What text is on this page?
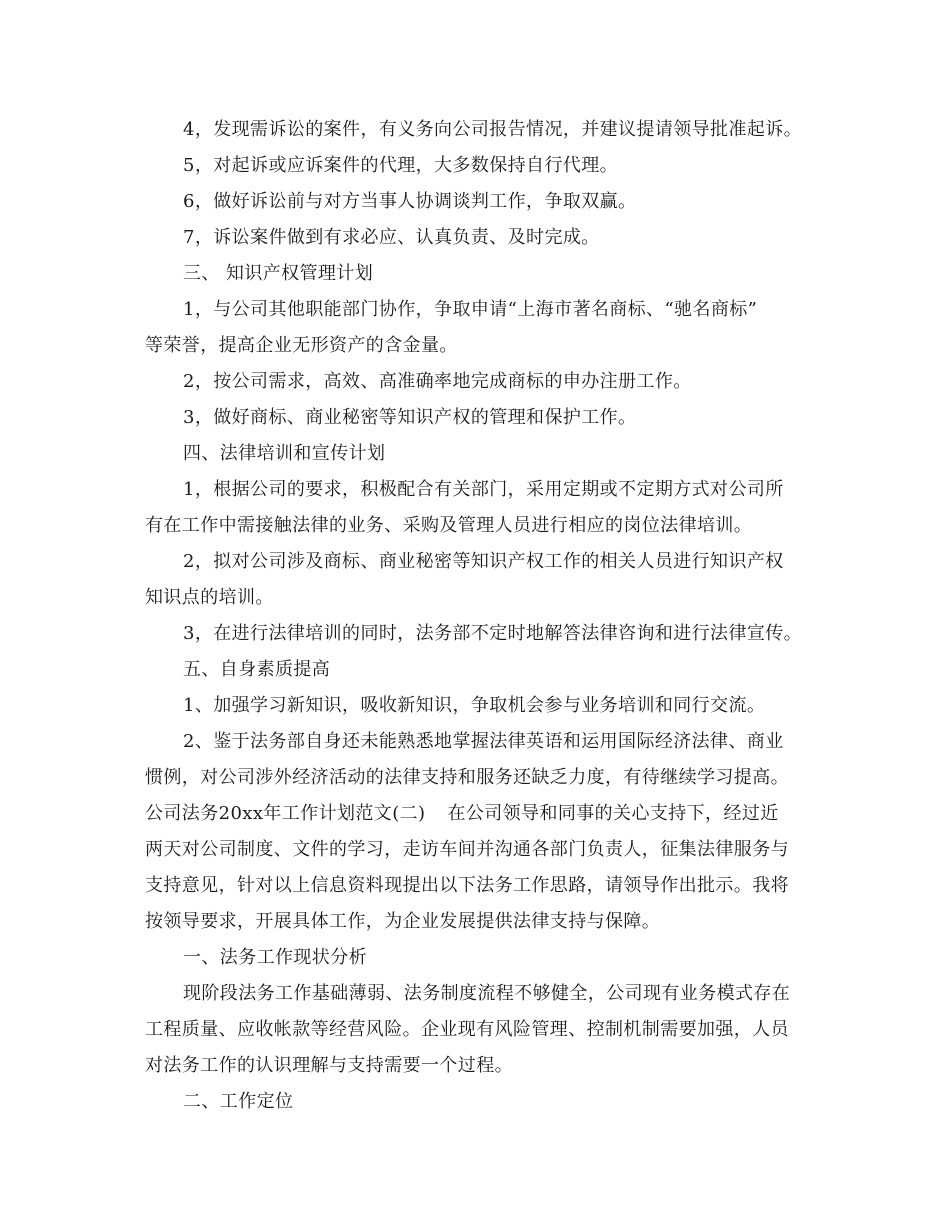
4，发现需诉讼的案件，有义务向公司报告情况，并建议提请领导批准起诉。
5，对起诉或应诉案件的代理，大多数保持自行代理。
6，做好诉讼前与对方当事人协调谈判工作，争取双赢。
7，诉讼案件做到有求必应、认真负责、及时完成。
三、 知识产权管理计划
1，与公司其他职能部门协作，争取申请“上海市著名商标、“驰名商标”
等荣誉，提高企业无形资产的含金量。
2，按公司需求，高效、高准确率地完成商标的申办注册工作。
3，做好商标、商业秘密等知识产权的管理和保护工作。
四、法律培训和宣传计划
1，根据公司的要求，积极配合有关部门，采用定期或不定期方式对公司所
有在工作中需接触法律的业务、采购及管理人员进行相应的岗位法律培训。
2，拟对公司涉及商标、商业秘密等知识产权工作的相关人员进行知识产权
知识点的培训。
3，在进行法律培训的同时，法务部不定时地解答法律咨询和进行法律宣传。
五、自身素质提高
1、加强学习新知识，吸收新知识，争取机会参与业务培训和同行交流。
2、鉴于法务部自身还未能熟悉地掌握法律英语和运用国际经济法律、商业
惯例，对公司涉外经济活动的法律支持和服务还缺乏力度，有待继续学习提高。
公司法务20xx年工作计划范文(二) 在公司领导和同事的关心支持下，经过近
两天对公司制度、文件的学习，走访车间并沟通各部门负责人，征集法律服务与
支持意见，针对以上信息资料现提出以下法务工作思路，请领导作出批示。我将
按领导要求，开展具体工作，为企业发展提供法律支持与保障。
一、法务工作现状分析
现阶段法务工作基础薄弱、法务制度流程不够健全，公司现有业务模式存在
工程质量、应收帐款等经营风险。企业现有风险管理、控制机制需要加强，人员
对法务工作的认识理解与支持需要一个过程。
二、工作定位
